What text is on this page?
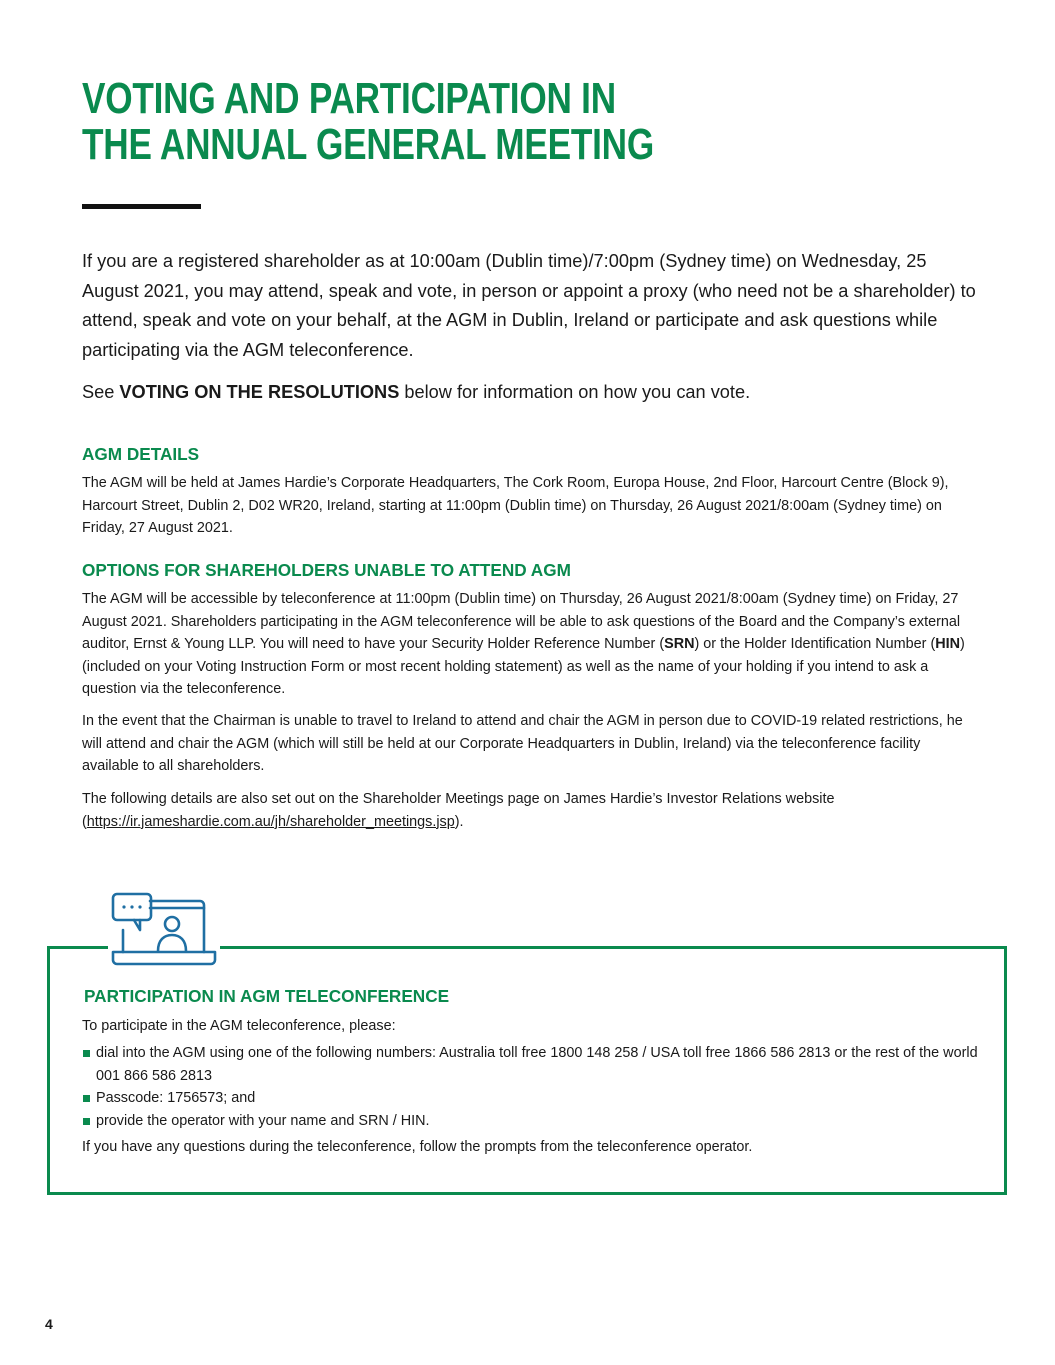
VOTING AND PARTICIPATION IN
THE ANNUAL GENERAL MEETING

If you are a registered shareholder as at 10:00am (Dublin time)/7:00pm (Sydney time) on Wednesday, 25 August 2021, you may attend, speak and vote, in person or appoint a proxy (who need not be a shareholder) to attend, speak and vote on your behalf, at the AGM in Dublin, Ireland or participate and ask questions while participating via the AGM teleconference.

See VOTING ON THE RESOLUTIONS below for information on how you can vote.

AGM DETAILS

The AGM will be held at James Hardie’s Corporate Headquarters, The Cork Room, Europa House, 2nd Floor, Harcourt Centre (Block 9), Harcourt Street, Dublin 2, D02 WR20, Ireland, starting at 11:00pm (Dublin time) on Thursday, 26 August 2021/8:00am (Sydney time) on Friday, 27 August 2021.

OPTIONS FOR SHAREHOLDERS UNABLE TO ATTEND AGM

The AGM will be accessible by teleconference at 11:00pm (Dublin time) on Thursday, 26 August 2021/8:00am (Sydney time) on Friday, 27 August 2021. Shareholders participating in the AGM teleconference will be able to ask questions of the Board and the Company’s external auditor, Ernst & Young LLP. You will need to have your Security Holder Reference Number (SRN) or the Holder Identification Number (HIN) (included on your Voting Instruction Form or most recent holding statement) as well as the name of your holding if you intend to ask a question via the teleconference.

In the event that the Chairman is unable to travel to Ireland to attend and chair the AGM in person due to COVID-19 related restrictions, he will attend and chair the AGM (which will still be held at our Corporate Headquarters in Dublin, Ireland) via the teleconference facility available to all shareholders.

The following details are also set out on the Shareholder Meetings page on James Hardie’s Investor Relations website (https://ir.jameshardie.com.au/jh/shareholder_meetings.jsp).

PARTICIPATION IN AGM TELECONFERENCE

To participate in the AGM teleconference, please:

dial into the AGM using one of the following numbers: Australia toll free 1800 148 258 / USA toll free 1866 586 2813 or the rest of the world 001 866 586 2813
Passcode: 1756573; and
provide the operator with your name and SRN / HIN.

If you have any questions during the teleconference, follow the prompts from the teleconference operator.

4
